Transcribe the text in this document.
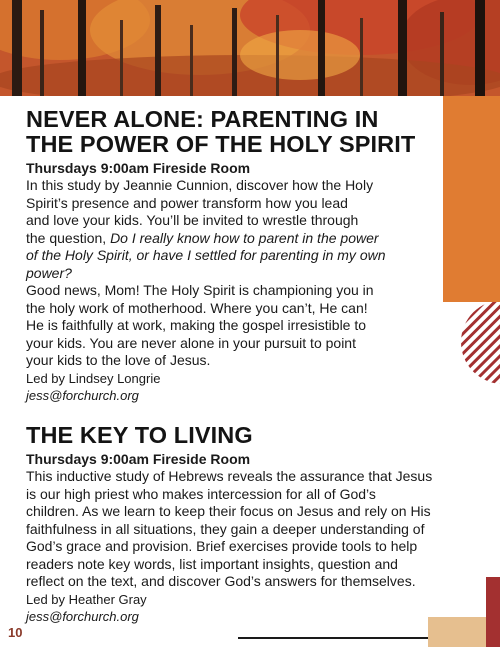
10
NEVER ALONE: PARENTING IN
THE POWER OF THE HOLY SPIRIT
Thursdays 9:00am Fireside Room

In this study by Jeannie Cunnion, discover how the Holy
Spirit’s presence and power transform how you lead
and love your kids. You’ll be invited to wrestle through
the question, Do I really know how to parent in the power
of the Holy Spirit, or have I settled for parenting in my own
power?

Good news, Mom! The Holy Spirit is championing you in
the holy work of motherhood. Where you can’t, He can!
He is faithfully at work, making the gospel irresistible to
your kids. You are never alone in your pursuit to point
your kids to the love of Jesus.

Led by Lindsey Longrie
jess@forchurch.org
THE KEY TO LIVING
Thursdays 9:00am Fireside Room

This inductive study of Hebrews reveals the assurance that Jesus
is our high priest who makes intercession for all of God’s
children. As we learn to keep their focus on Jesus and rely on His
faithfulness in all situations, they gain a deeper understanding of
God’s grace and provision. Brief exercises provide tools to help
readers note key words, list important insights, question and
reflect on the text, and discover God’s answers for themselves.

Led by Heather Gray
jess@forchurch.org
